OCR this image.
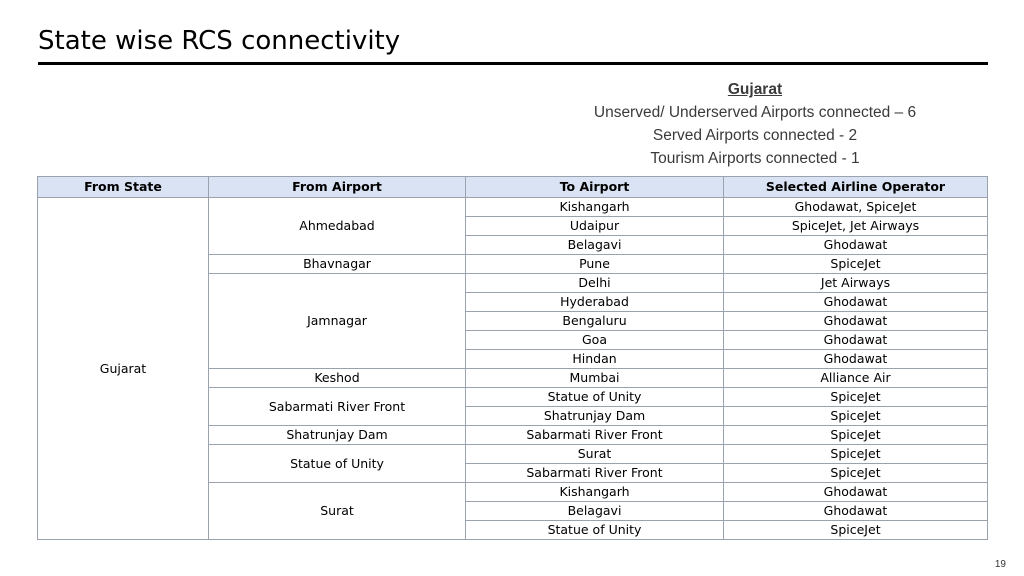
State wise RCS connectivity
Gujarat
Unserved/ Underserved Airports connected – 6
Served Airports connected - 2
Tourism Airports connected - 1
From State	From Airport	To Airport	Selected Airline Operator
Gujarat	Ahmedabad	Kishangarh	Ghodawat, SpiceJet
		Udaipur	SpiceJet, Jet Airways
		Belagavi	Ghodawat
	Bhavnagar	Pune	SpiceJet
	Jamnagar	Delhi	Jet Airways
		Hyderabad	Ghodawat
		Bengaluru	Ghodawat
		Goa	Ghodawat
		Hindan	Ghodawat
	Keshod	Mumbai	Alliance Air
	Sabarmati River Front	Statue of Unity	SpiceJet
		Shatrunjay Dam	SpiceJet
	Shatrunjay Dam	Sabarmati River Front	SpiceJet
	Statue of Unity	Surat	SpiceJet
		Sabarmati River Front	SpiceJet
	Surat	Kishangarh	Ghodawat
		Belagavi	Ghodawat
		Statue of Unity	SpiceJet
19
